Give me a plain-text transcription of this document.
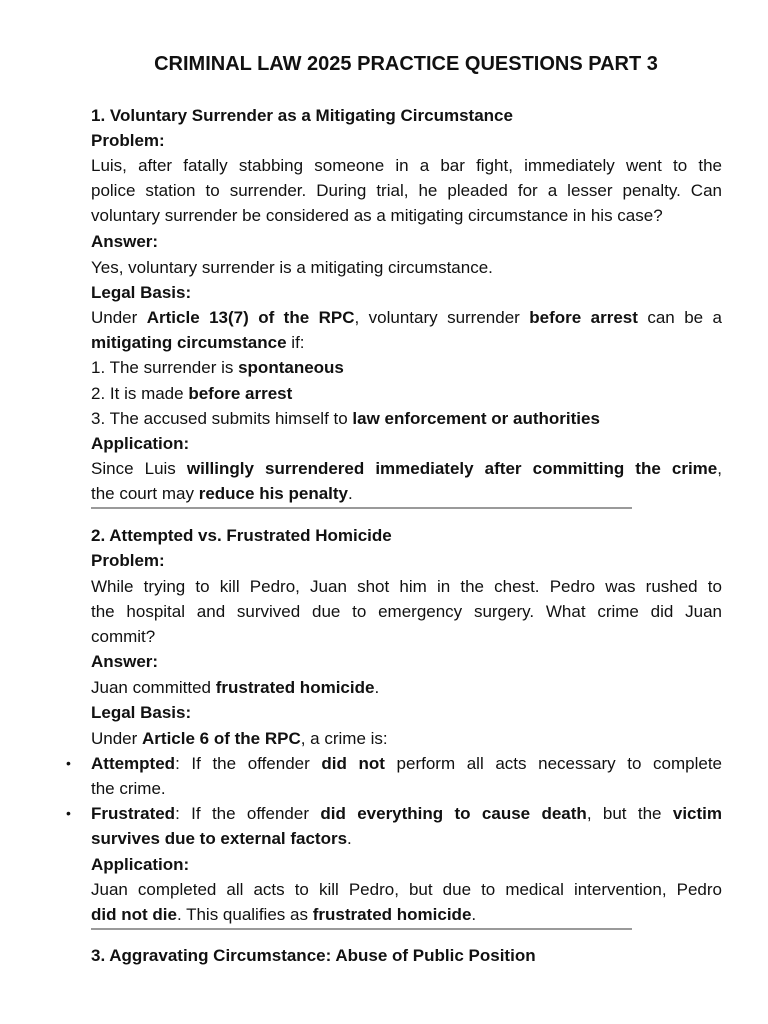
CRIMINAL LAW 2025 PRACTICE QUESTIONS PART 3
1. Voluntary Surrender as a Mitigating Circumstance
Problem:
Luis, after fatally stabbing someone in a bar fight, immediately went to the
police station to surrender. During trial, he pleaded for a lesser penalty. Can
voluntary surrender be considered as a mitigating circumstance in his case?
Answer:
Yes, voluntary surrender is a mitigating circumstance.
Legal Basis:
Under Article 13(7) of the RPC, voluntary surrender before arrest can be a
mitigating circumstance if:
1. The surrender is spontaneous
2. It is made before arrest
3. The accused submits himself to law enforcement or authorities
Application:
Since Luis willingly surrendered immediately after committing the crime,
the court may reduce his penalty.
2. Attempted vs. Frustrated Homicide
Problem:
While trying to kill Pedro, Juan shot him in the chest. Pedro was rushed to
the hospital and survived due to emergency surgery. What crime did Juan
commit?
Answer:
Juan committed frustrated homicide.
Legal Basis:
Under Article 6 of the RPC, a crime is:
• Attempted: If the offender did not perform all acts necessary to complete
the crime.
• Frustrated: If the offender did everything to cause death, but the victim
survives due to external factors.
Application:
Juan completed all acts to kill Pedro, but due to medical intervention, Pedro
did not die. This qualifies as frustrated homicide.
3. Aggravating Circumstance: Abuse of Public Position
